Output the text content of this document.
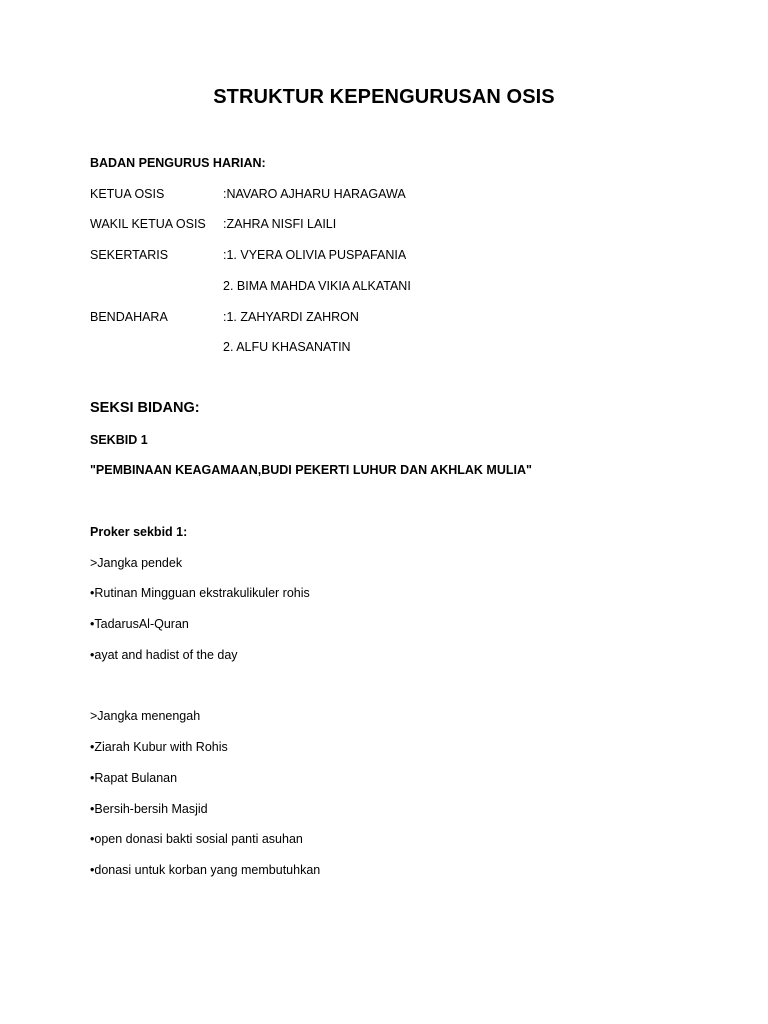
STRUKTUR KEPENGURUSAN OSIS
BADAN PENGURUS HARIAN:
KETUA OSIS	:NAVARO AJHARU HARAGAWA
WAKIL KETUA OSIS :ZAHRA NISFI LAILI
SEKERTARIS	:1. VYERA OLIVIA PUSPAFANIA
2. BIMA MAHDA VIKIA ALKATANI
BENDAHARA	:1. ZAHYARDI ZAHRON
2. ALFU KHASANATIN
SEKSI BIDANG:
SEKBID 1
"PEMBINAAN KEAGAMAAN,BUDI PEKERTI LUHUR DAN AKHLAK MULIA"
Proker sekbid 1:
>Jangka pendek
•Rutinan Mingguan ekstrakulikuler rohis
•TadarusAl-Quran
•ayat and hadist of the day
>Jangka menengah
•Ziarah Kubur with Rohis
•Rapat Bulanan
•Bersih-bersih Masjid
•open donasi bakti sosial panti asuhan
•donasi untuk korban yang membutuhkan
